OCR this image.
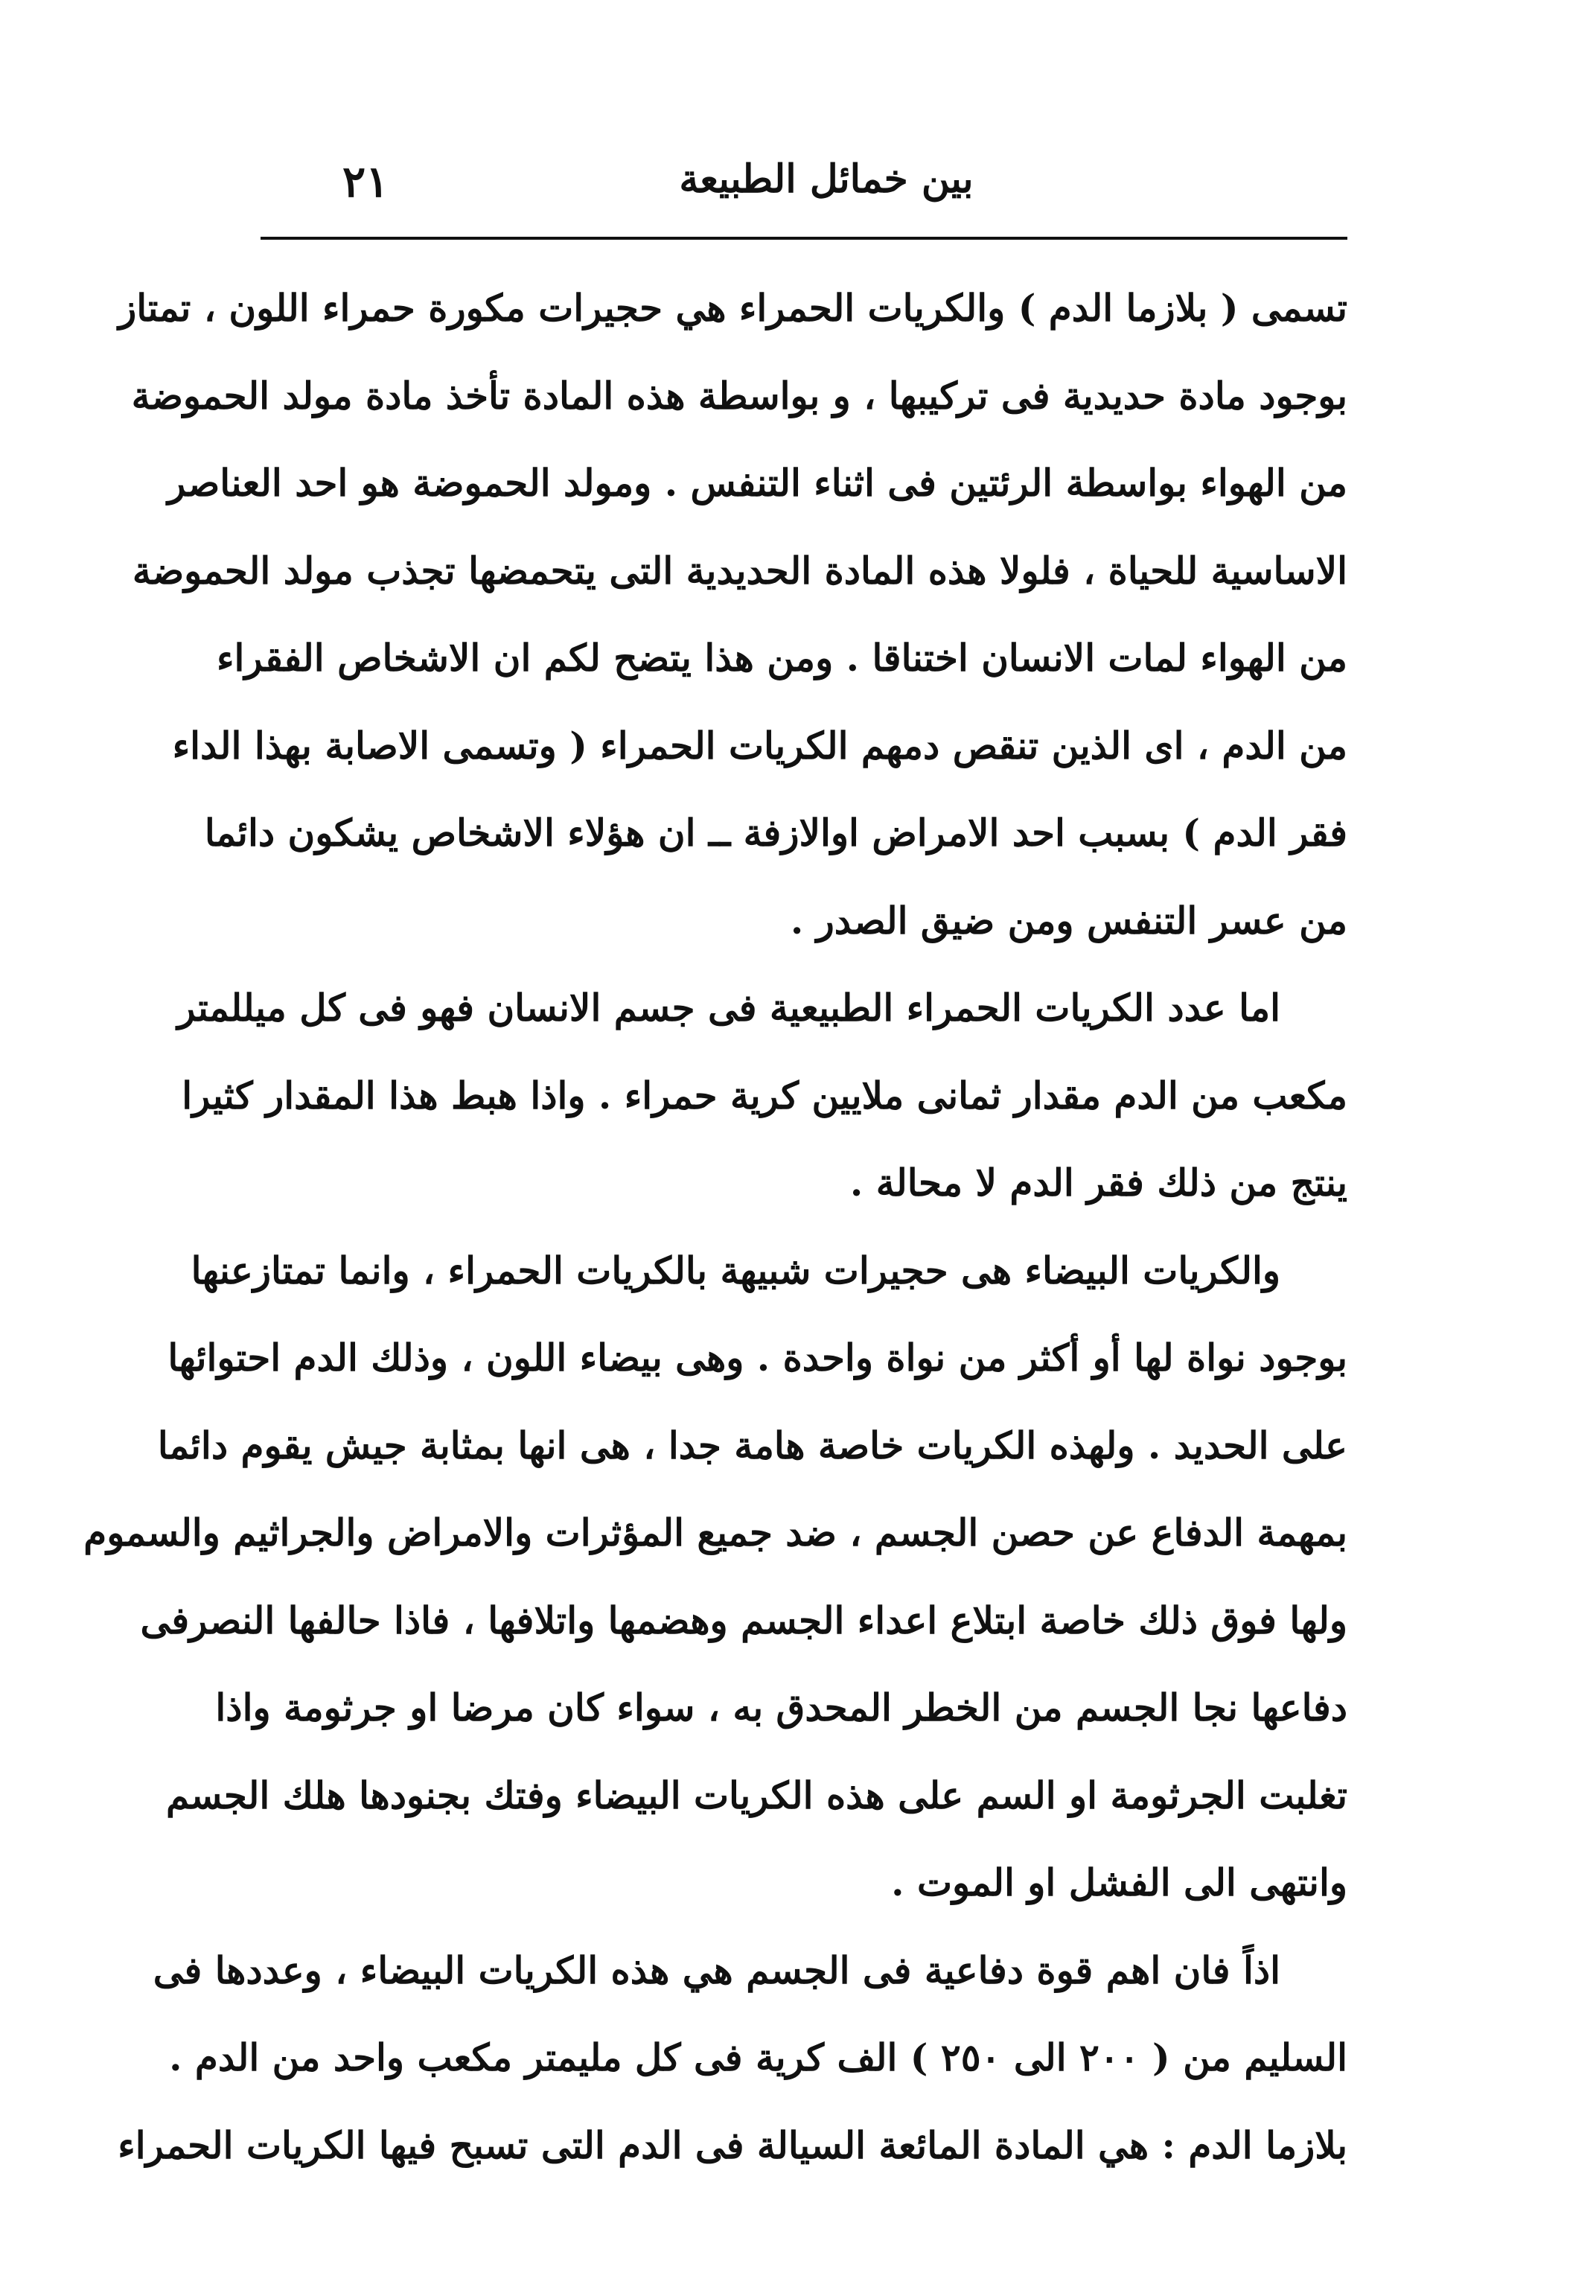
٢١	بين خمائل الطبيعة
تسمى ( بلازما الدم ) والكريات الحمراء هي حجيرات مكورة حمراء اللون ، تمتاز
بوجود مادة حديدية فى تركيبها ، و بواسطة هذه المادة تأخذ مادة مولد الحموضة
من الهواء بواسطة الرئتين فى اثناء التنفس . ومولد الحموضة هو احد العناصر
الاساسية للحياة ، فلولا هذه المادة الحديدية التى يتحمضها تجذب مولد الحموضة
من الهواء لمات الانسان اختناقا . ومن هذا يتضح لكم ان الاشخاص الفقراء
من الدم ، اى الذين تنقص دمهم الكريات الحمراء ( وتسمى الاصابة بهذا الداء
فقر الدم ) بسبب احد الامراض اوالازفة ــ ان هؤلاء الاشخاص يشكون دائما
من عسر التنفس ومن ضيق الصدر .
اما عدد الكريات الحمراء الطبيعية فى جسم الانسان فهو فى كل ميللمتر
مكعب من الدم مقدار ثمانى ملايين كرية حمراء . واذا هبط هذا المقدار كثيرا
ينتج من ذلك فقر الدم لا محالة .
والكريات البيضاء هى حجيرات شبيهة بالكريات الحمراء ، وانما تمتازعنها
بوجود نواة لها أو أكثر من نواة واحدة . وهى بيضاء اللون ، وذلك الدم احتوائها
على الحديد . ولهذه الكريات خاصة هامة جدا ، هى انها بمثابة جيش يقوم دائما
بمهمة الدفاع عن حصن الجسم ، ضد جميع المؤثرات والامراض والجراثيم والسموم
ولها فوق ذلك خاصة ابتلاع اعداء الجسم وهضمها واتلافها ، فاذا حالفها النصرفى
دفاعها نجا الجسم من الخطر المحدق به ، سواء كان مرضا او جرثومة واذا
تغلبت الجرثومة او السم على هذه الكريات البيضاء وفتك بجنودها هلك الجسم
وانتهى الى الفشل او الموت .
اذاً فان اهم قوة دفاعية فى الجسم هي هذه الكريات البيضاء ، وعددها فى
السليم من ( ٢٠٠ الى ٢٥٠ ) الف كرية فى كل مليمتر مكعب واحد من الدم .
بلازما الدم : هي المادة المائعة السيالة فى الدم التى تسبح فيها الكريات الحمراء
